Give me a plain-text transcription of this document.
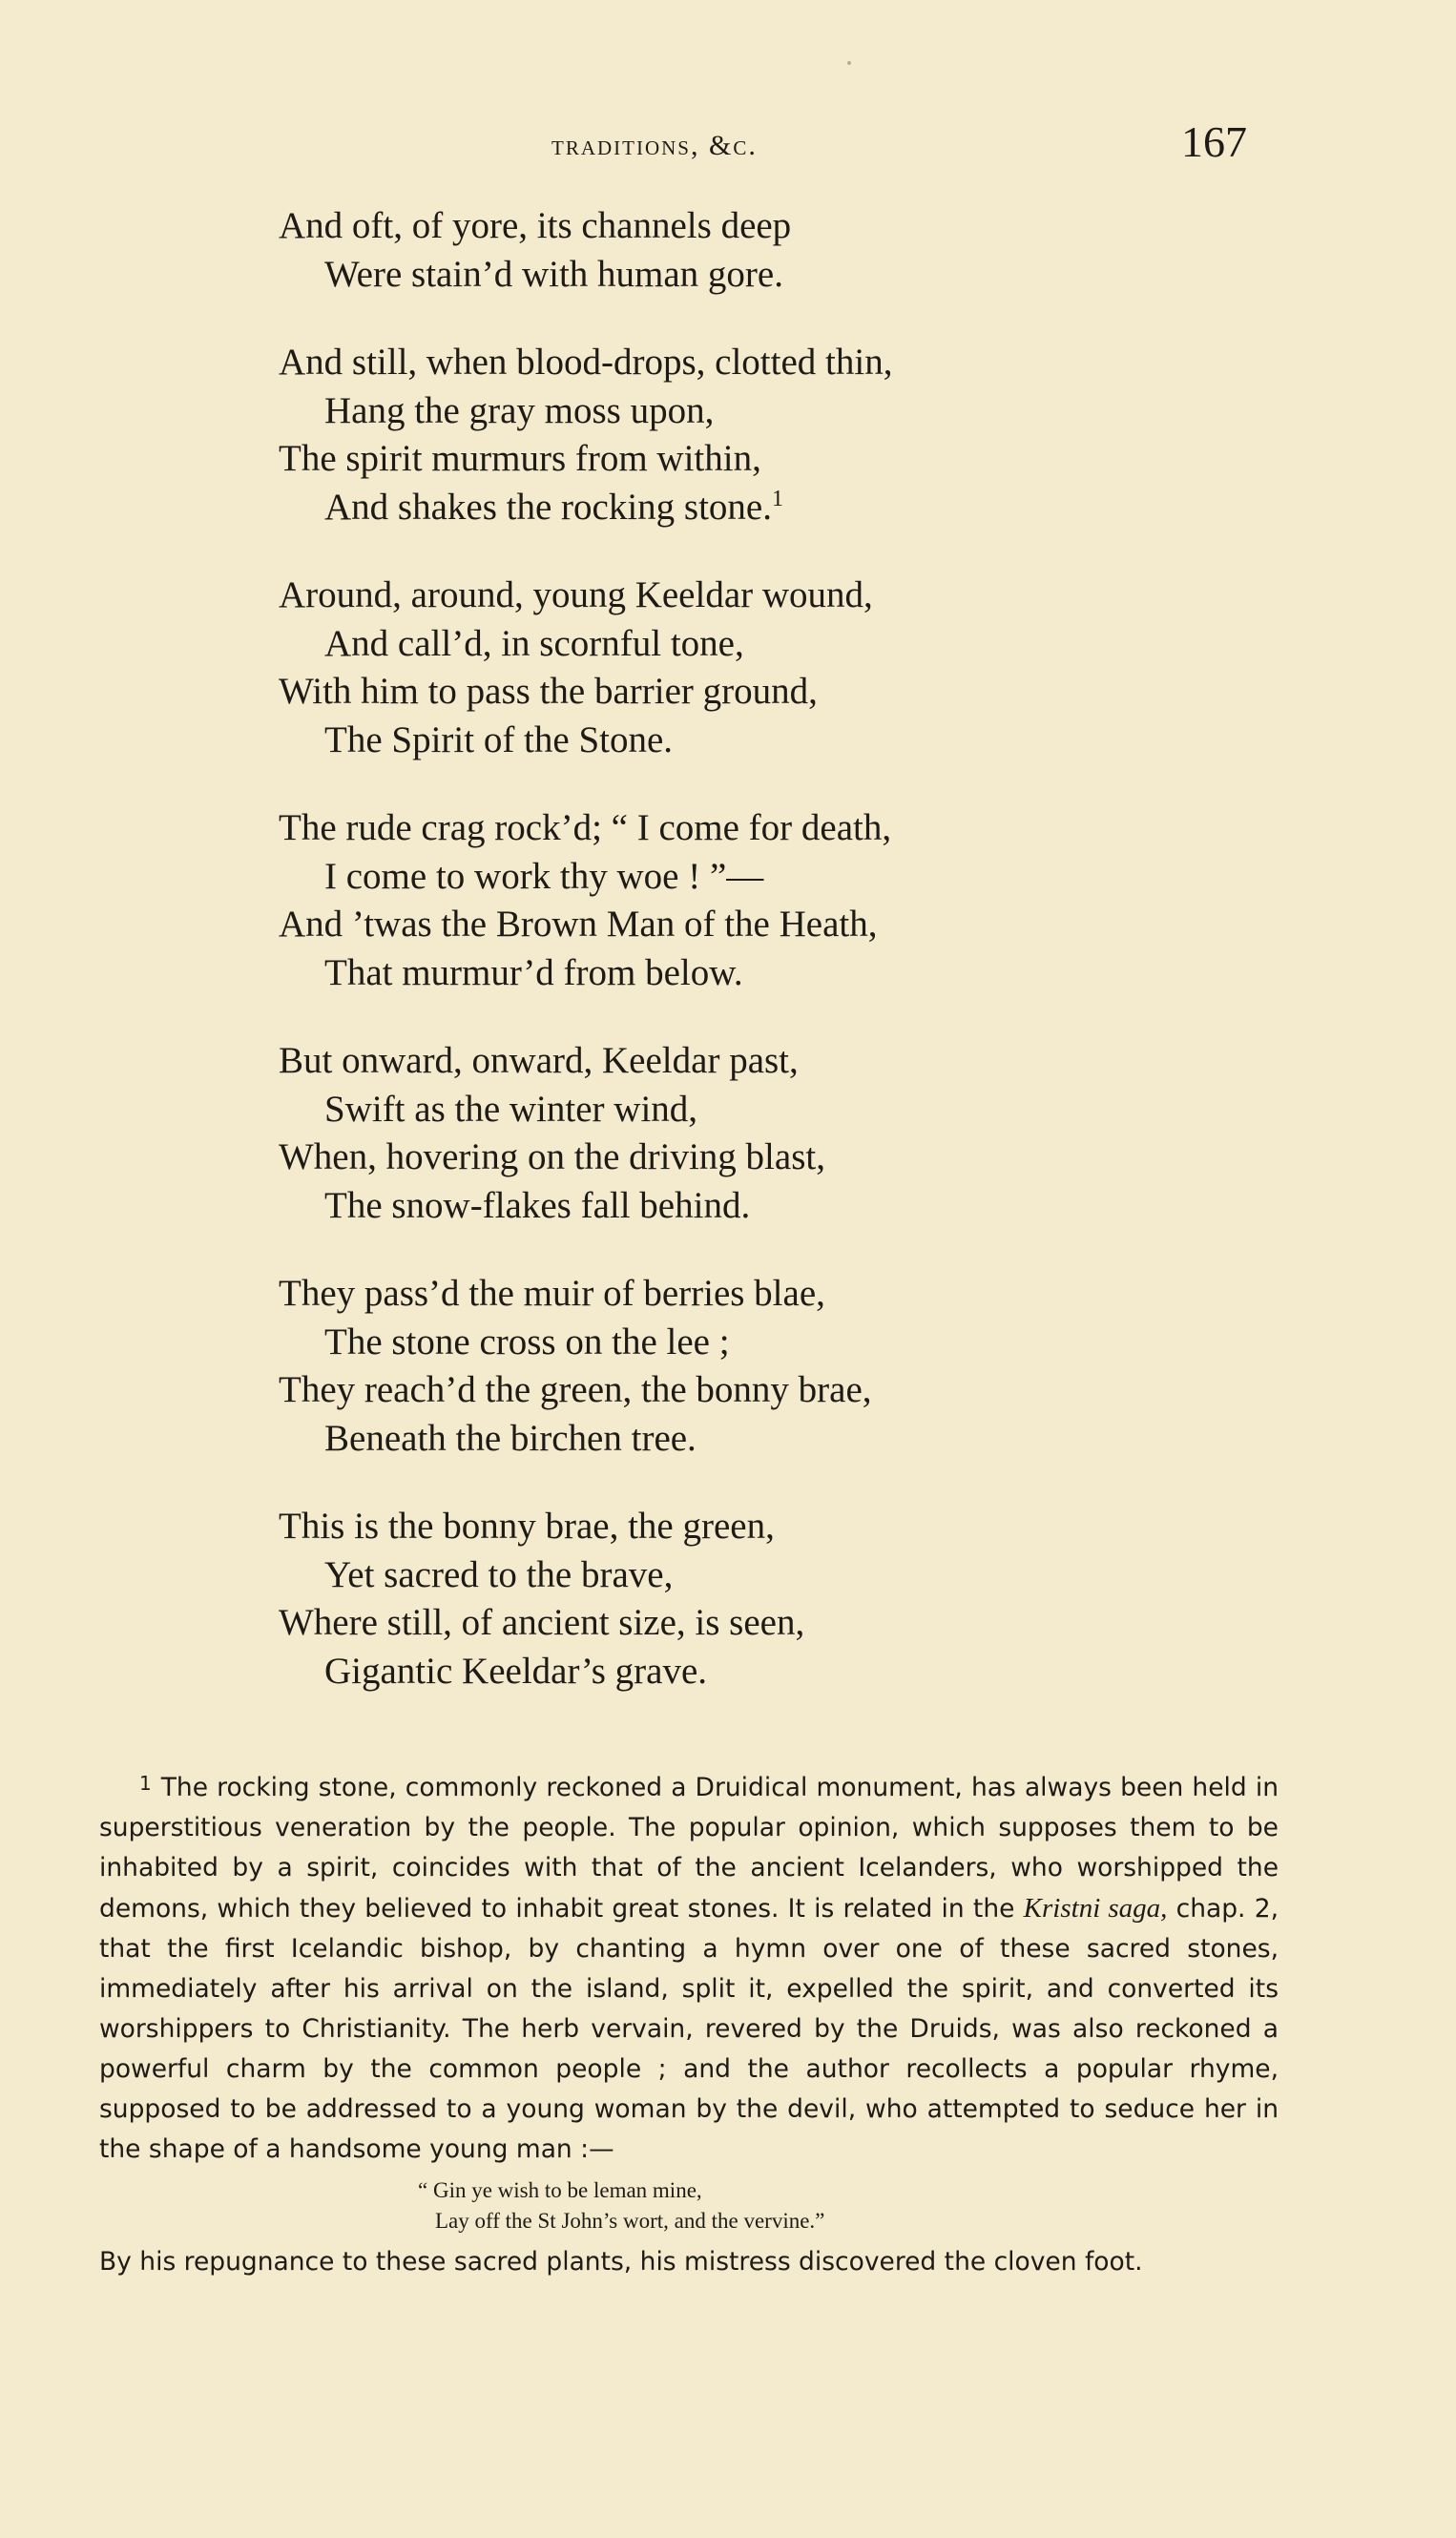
traditions, &c.	167
And oft, of yore, its channels deep
Were stain’d with human gore.
And still, when blood-drops, clotted thin,
Hang the gray moss upon,
The spirit murmurs from within,
And shakes the rocking stone.$^1$
Around, around, young Keeldar wound,
And call’d, in scornful tone,
With him to pass the barrier ground,
The Spirit of the Stone.
The rude crag rock’d; “ I come for death,
I come to work thy woe ! ”—
And ’twas the Brown Man of the Heath,
That murmur’d from below.
But onward, onward, Keeldar past,
Swift as the winter wind,
When, hovering on the driving blast,
The snow-flakes fall behind.
They pass’d the muir of berries blae,
The stone cross on the lee ;
They reach’d the green, the bonny brae,
Beneath the birchen tree.
This is the bonny brae, the green,
Yet sacred to the brave,
Where still, of ancient size, is seen,
Gigantic Keeldar’s grave.
$^1$ The rocking stone, commonly reckoned a Druidical monument, has always been held in superstitious veneration by the people. The popular opinion, which supposes them to be inhabited by a spirit, coincides with that of the ancient Icelanders, who worshipped the demons, which they believed to inhabit great stones. It is related in the Kristni saga, chap. 2, that the first Icelandic bishop, by chanting a hymn over one of these sacred stones, immediately after his arrival on the island, split it, expelled the spirit, and converted its worshippers to Christianity. The herb vervain, revered by the Druids, was also reckoned a powerful charm by the common people ; and the author recollects a popular rhyme, supposed to be addressed to a young woman by the devil, who attempted to seduce her in the shape of a handsome young man :—
“ Gin ye wish to be leman mine,
Lay off the St John’s wort, and the vervine.”
By his repugnance to these sacred plants, his mistress discovered the cloven foot.
